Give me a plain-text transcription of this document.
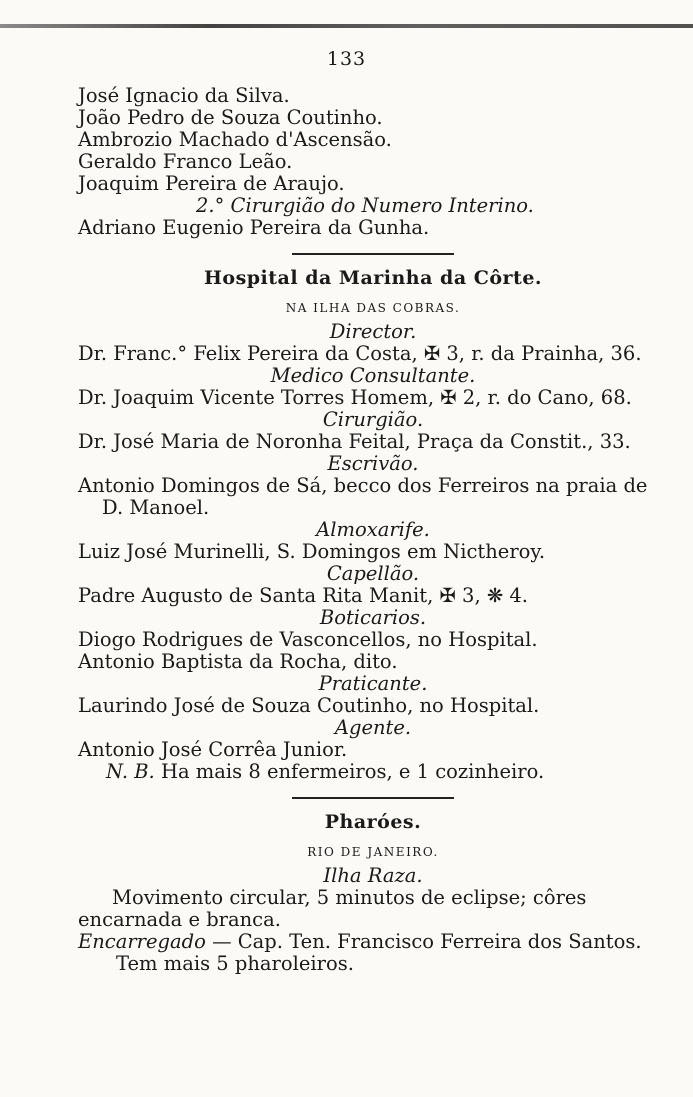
133
José Ignacio da Silva.
João Pedro de Souza Coutinho.
Ambrozio Machado d'Ascensão.
Geraldo Franco Leão.
Joaquim Pereira de Araujo.
2.° Cirurgião do Numero Interino.
Adriano Eugenio Pereira da Gunha.
Hospital da Marinha da Côrte.
NA ILHA DAS COBRAS.
Director.
Dr. Franc.° Felix Pereira da Costa, ✠ 3, r. da Prainha, 36.
Medico Consultante.
Dr. Joaquim Vicente Torres Homem, ✠ 2, r. do Cano, 68.
Cirurgião.
Dr. José Maria de Noronha Feital, Praça da Constit., 33.
Escrivão.
Antonio Domingos de Sá, becco dos Ferreiros na praia de
D. Manoel.
Almoxarife.
Luiz José Murinelli, S. Domingos em Nictheroy.
Capellão.
Padre Augusto de Santa Rita Manit, ✠ 3, ❋ 4.
Boticarios.
Diogo Rodrigues de Vasconcellos, no Hospital.
Antonio Baptista da Rocha, dito.
Praticante.
Laurindo José de Souza Coutinho, no Hospital.
Agente.
Antonio José Corrêa Junior.
N. B. Ha mais 8 enfermeiros, e 1 cozinheiro.
Pharóes.
RIO DE JANEIRO.
Ilha Raza.
Movimento circular, 5 minutos de eclipse; côres encarnada e branca.
Encarregado — Cap. Ten. Francisco Ferreira dos Santos.
Tem mais 5 pharoleiros.
